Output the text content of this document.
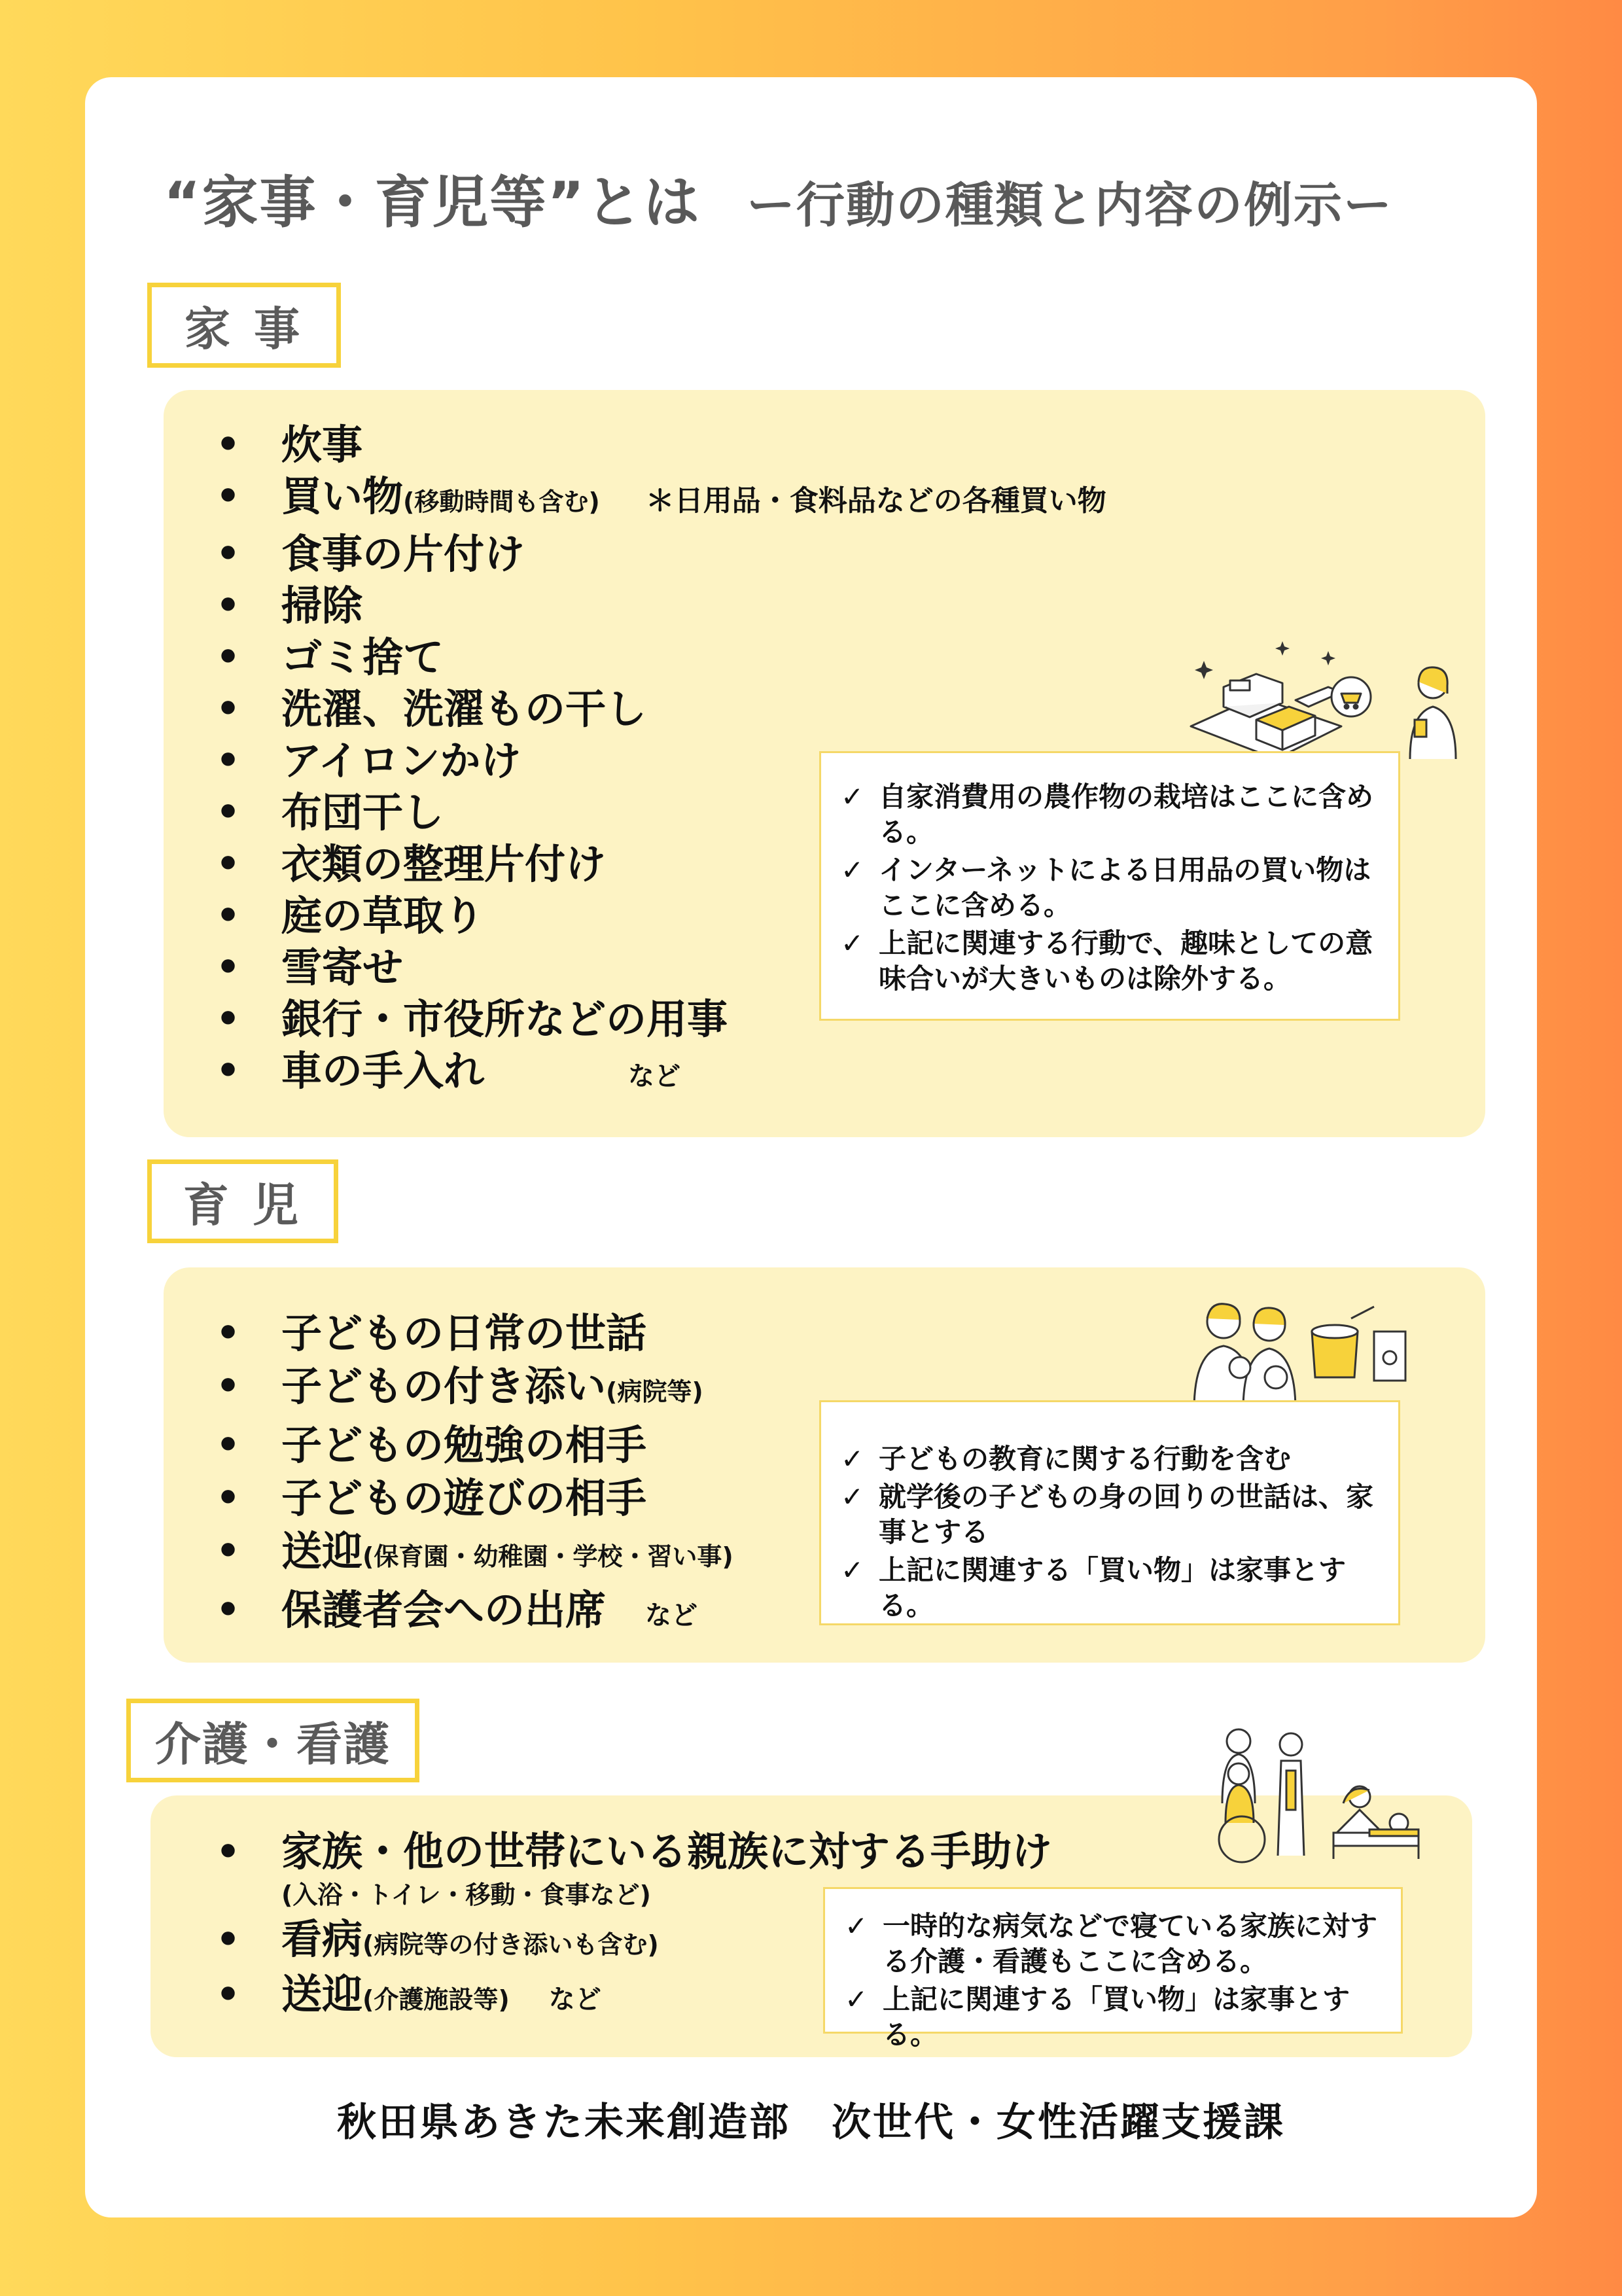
“家事・育児等”とは ー行動の種類と内容の例示ー
家 事
• 炊事
• 買い物(移動時間も含む) ＊日用品・食料品などの各種買い物
• 食事の片付け
• 掃除
• ゴミ捨て
• 洗濯、洗濯もの干し
• アイロンかけ
• 布団干し
• 衣類の整理片付け
• 庭の草取り
• 雪寄せ
• 銀行・市役所などの用事
• 車の手入れ	など
✓ 自家消費用の農作物の栽培はここに含める。
✓ インターネットによる日用品の買い物はここに含める。
✓ 上記に関連する行動で、趣味としての意味合いが大きいものは除外する。
育 児
• 子どもの日常の世話
• 子どもの付き添い(病院等)
• 子どもの勉強の相手
• 子どもの遊びの相手
• 送迎(保育園・幼稚園・学校・習い事)
• 保護者会への出席 など
✓ 子どもの教育に関する行動を含む
✓ 就学後の子どもの身の回りの世話は、家事とする
✓ 上記に関連する「買い物」は家事とする。
介護・看護
• 家族・他の世帯にいる親族に対する手助け
(入浴・トイレ・移動・食事など)
• 看病(病院等の付き添いも含む)
• 送迎(介護施設等) など
✓ 一時的な病気などで寝ている家族に対する介護・看護もここに含める。
✓ 上記に関連する「買い物」は家事とする。
秋田県あきた未来創造部　次世代・女性活躍支援課
